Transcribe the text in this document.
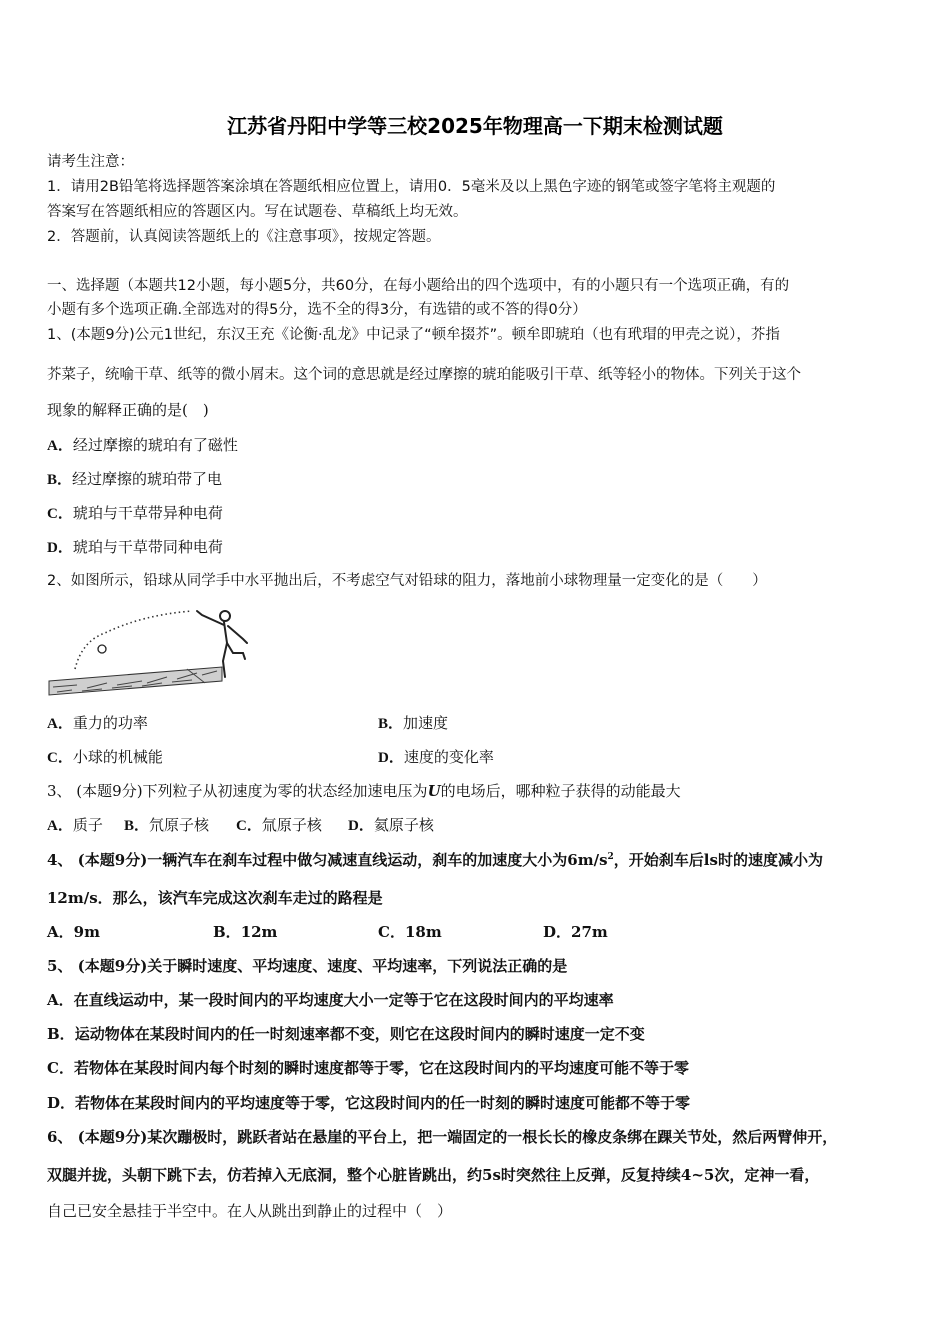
江苏省丹阳中学等三校2025年物理高一下期末检测试题
请考生注意：
1．请用2B铅笔将选择题答案涂填在答题纸相应位置上，请用0．5毫米及以上黑色字迹的钢笔或签字笔将主观题的
答案写在答题纸相应的答题区内。写在试题卷、草稿纸上均无效。
2．答题前，认真阅读答题纸上的《注意事项》，按规定答题。
一、选择题（本题共12小题，每小题5分，共60分，在每小题给出的四个选项中，有的小题只有一个选项正确，有的
小题有多个选项正确.全部选对的得5分，选不全的得3分，有选错的或不答的得0分）
1、(本题9分)公元1世纪，东汉王充《论衡·乱龙》中记录了“顿牟掇芥”。顿牟即琥珀（也有玳瑁的甲壳之说），芥指
芥菜子，统喻干草、纸等的微小屑末。这个词的意思就是经过摩擦的琥珀能吸引干草、纸等轻小的物体。下列关于这个
现象的解释正确的是(　)
A．经过摩擦的琥珀有了磁性
B．经过摩擦的琥珀带了电
C．琥珀与干草带异种电荷
D．琥珀与干草带同种电荷
2、如图所示，铅球从同学手中水平抛出后，不考虑空气对铅球的阻力，落地前小球物理量一定变化的是（　　）
A．重力的功率	B．加速度
C．小球的机械能	D．速度的变化率
3、 (本题9分)下列粒子从初速度为零的状态经加速电压为U的电场后，哪种粒子获得的动能最大
A．质子 B．氘原子核 C．氚原子核 D．氦原子核
4、 (本题9分)一辆汽车在刹车过程中做匀减速直线运动，刹车的加速度大小为$6m/s^2$，开始刹车后ls时的速度减小为
12m/s．那么，该汽车完成这次刹车走过的路程是
A．9m	B．12m	C．18m	D．27m
5、 (本题9分)关于瞬时速度、平均速度、速度、平均速率，下列说法正确的是
A．在直线运动中，某一段时间内的平均速度大小一定等于它在这段时间内的平均速率
B．运动物体在某段时间内的任一时刻速率都不变，则它在这段时间内的瞬时速度一定不变
C．若物体在某段时间内每个时刻的瞬时速度都等于零，它在这段时间内的平均速度可能不等于零
D．若物体在某段时间内的平均速度等于零，它这段时间内的任一时刻的瞬时速度可能都不等于零
6、 (本题9分)某次蹦极时，跳跃者站在悬崖的平台上，把一端固定的一根长长的橡皮条绑在踝关节处，然后两臂伸开，
双腿并拢，头朝下跳下去，仿若掉入无底洞，整个心脏皆跳出，约5s时突然往上反弹，反复持续4~5次，定神一看，
自己已安全悬挂于半空中。在人从跳出到静止的过程中（　）
